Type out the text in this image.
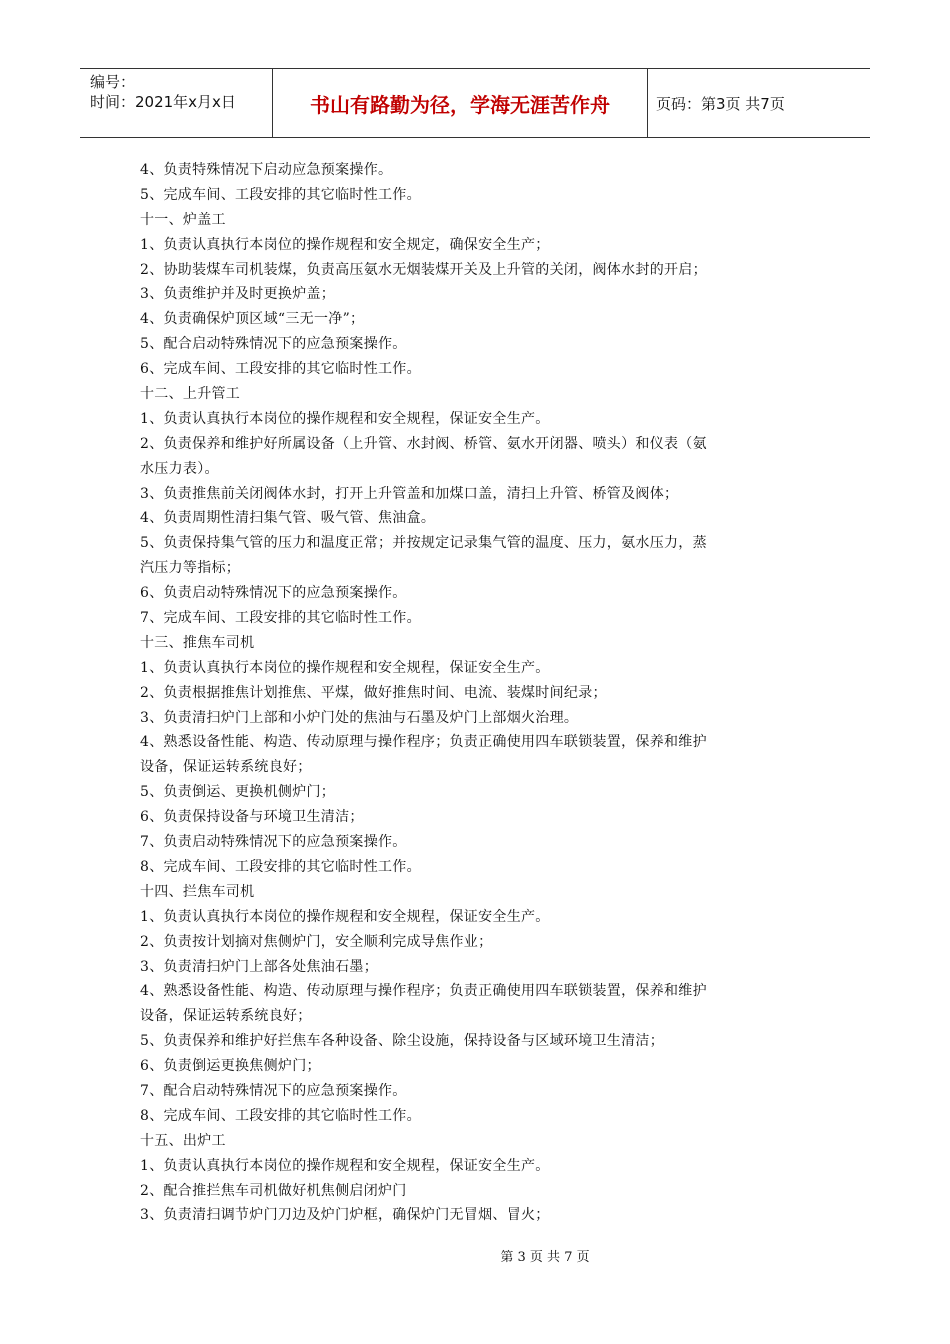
编号：
时间：2021年x月x日	书山有路勤为径，学海无涯苦作舟	页码：第3页 共7页
4、负责特殊情况下启动应急预案操作。
5、完成车间、工段安排的其它临时性工作。
十一、炉盖工
1、负责认真执行本岗位的操作规程和安全规定，确保安全生产；
2、协助装煤车司机装煤，负责高压氨水无烟装煤开关及上升管的关闭，阀体水封的开启；
3、负责维护并及时更换炉盖；
4、负责确保炉顶区域“三无一净”；
5、配合启动特殊情况下的应急预案操作。
6、完成车间、工段安排的其它临时性工作。
十二、上升管工
1、负责认真执行本岗位的操作规程和安全规程，保证安全生产。
2、负责保养和维护好所属设备（上升管、水封阀、桥管、氨水开闭器、喷头）和仪表（氨
水压力表）。
3、负责推焦前关闭阀体水封，打开上升管盖和加煤口盖，清扫上升管、桥管及阀体；
4、负责周期性清扫集气管、吸气管、焦油盒。
5、负责保持集气管的压力和温度正常；并按规定记录集气管的温度、压力，氨水压力，蒸
汽压力等指标；
6、负责启动特殊情况下的应急预案操作。
7、完成车间、工段安排的其它临时性工作。
十三、推焦车司机
1、负责认真执行本岗位的操作规程和安全规程，保证安全生产。
2、负责根据推焦计划推焦、平煤，做好推焦时间、电流、装煤时间纪录；
3、负责清扫炉门上部和小炉门处的焦油与石墨及炉门上部烟火治理。
4、熟悉设备性能、构造、传动原理与操作程序；负责正确使用四车联锁装置，保养和维护
设备，保证运转系统良好；
5、负责倒运、更换机侧炉门；
6、负责保持设备与环境卫生清洁；
7、负责启动特殊情况下的应急预案操作。
8、完成车间、工段安排的其它临时性工作。
十四、拦焦车司机
1、负责认真执行本岗位的操作规程和安全规程，保证安全生产。
2、负责按计划摘对焦侧炉门，安全顺利完成导焦作业；
3、负责清扫炉门上部各处焦油石墨；
4、熟悉设备性能、构造、传动原理与操作程序；负责正确使用四车联锁装置，保养和维护
设备，保证运转系统良好；
5、负责保养和维护好拦焦车各种设备、除尘设施，保持设备与区域环境卫生清洁；
6、负责倒运更换焦侧炉门；
7、配合启动特殊情况下的应急预案操作。
8、完成车间、工段安排的其它临时性工作。
十五、出炉工
1、负责认真执行本岗位的操作规程和安全规程，保证安全生产。
2、配合推拦焦车司机做好机焦侧启闭炉门
3、负责清扫调节炉门刀边及炉门炉框，确保炉门无冒烟、冒火；
第 3 页 共 7 页
